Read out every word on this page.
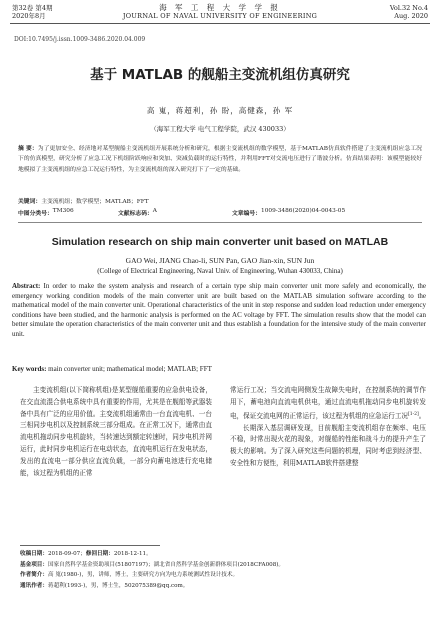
第32卷 第4期
2020年8月
海 军 工 程 大 学 学 报
JOURNAL OF NAVAL UNIVERSITY OF ENGINEERING
Vol.32 No.4
Aug. 2020
DOI:10.7495/j.issn.1009-3486.2020.04.009
基于 MATLAB 的舰船主变流机组仿真研究
高 嵬，蒋超利，孙 盼，高健森，孙 军
（海军工程大学 电气工程学院，武汉 430033）
摘 要：为了更加安全、经济地对某型舰船主变流机组开展系统分析和研究，根据主变流机组的数学模型，基于MATLAB仿真软件搭建了主变流机组应急工况下的仿真模型，研究分析了应急工况下机组阶跃响应和突加、突减负载时的运行特性，并利用FFT对交流电压进行了谐波分析。仿真结果表明：该模型能较好地模拟了主变流机组的应急工况运行特性，为主变流机组的深入研究打下了一定的基础。
关键词：主变流机组；数学模型；MATLAB；FFT
中图分类号： TM306	文献标志码： A	文章编号： 1009-3486(2020)04-0043-05
Simulation research on ship main converter unit based on MATLAB
GAO Wei, JIANG Chao-li, SUN Pan, GAO Jian-xin, SUN Jun
(College of Electrical Engineering, Naval Univ. of Engineering, Wuhan 430033, China)
Abstract: In order to make the system analysis and research of a certain type ship main converter unit more safely and economically, the emergency working condition models of the main converter unit are built based on the MATLAB simulation software according to the mathematical model of the main converter unit. Operational characteristics of the unit in step response and sudden load reduction under emergency conditions have been studied, and the harmonic analysis is performed on the AC voltage by FFT. The simulation results show that the model can better simulate the operation characteristics of the main converter unit and thus establish a foundation for the intensive study of the main converter unit.
Key words: main converter unit; mathematical model; MATLAB; FFT
主变流机组(以下简称机组)是某型舰船重要的应急供电设备，在交直流混合供电系统中具有重要的作用，尤其是在舰船等武器装备中具有广泛的应用价值。主变流机组通常由一台直流电机、一台三相同步电机以及控制系统三部分组成。在正常工况下，通常由直流电机拖动同步电机旋转，当转速达到额定转速时，同步电机并网运行，此时同步电机运行在电动状态，直流电机运行在发电状态，发出的直流电一部分供应直流负载，一部分向蓄电池进行充电储能，该过程为机组的正常

常运行工况；当交流电网侧发生故障失电时，在控制系统的调节作用下，蓄电池向直流电机供电，通过直流电机拖动同步电机旋转发电，保证交流电网的正常运行，该过程为机组的应急运行工况[1-2]。

长期深入基层调研发现，目前舰船主变流机组存在频率、电压不稳，时常出现火花的现象，对舰船的性能和战斗力的提升产生了极大的影响。为了深入研究这些问题的机理，同时考虑到经济型、安全性和方便性，利用MATLAB软件搭建整

收稿日期：2018-09-07；修回日期：2018-12-11。
基金项目：国家自然科学基金资助项目(51807197)；湖北省自然科学基金创新群体项目(2018CFA008)。
作者简介：高 嵬(1980-)，男，讲师，博士，主要研究方向为电力系统测试性设计技术。
通讯作者：蒋超利(1993-)，男，博士生，502075389@qq.com。
